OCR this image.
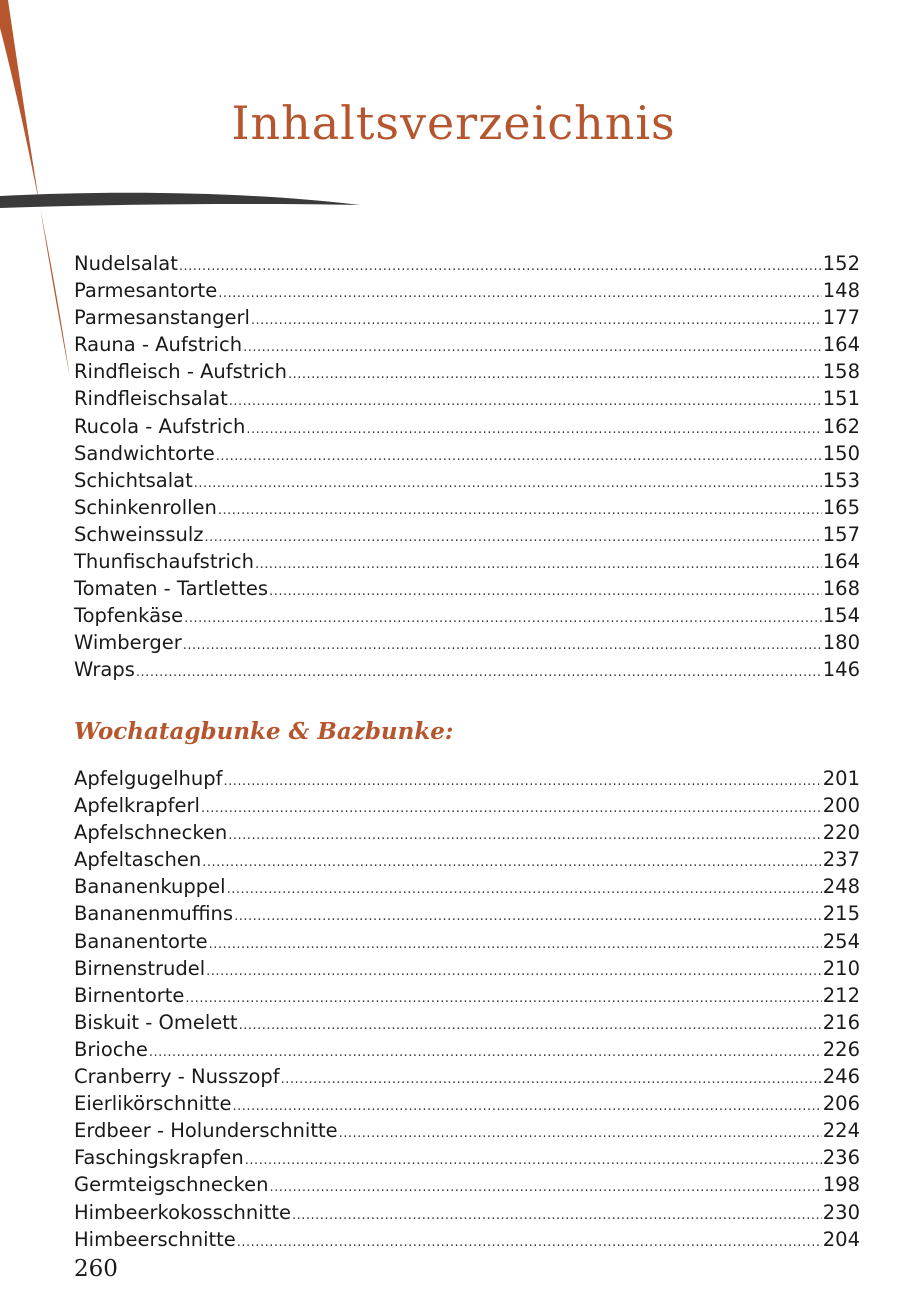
Inhaltsverzeichnis
Nudelsalat .....	152
Parmesantorte .....	148
Parmesanstangerl .....	177
Rauna - Aufstrich .....	164
Rindfleisch - Aufstrich .....	158
Rindfleischsalat .....	151
Rucola - Aufstrich .....	162
Sandwichtorte .....	150
Schichtsalat .....	153
Schinkenrollen .....	165
Schweinssulz .....	157
Thunfischaufstrich .....	164
Tomaten - Tartlettes .....	168
Topfenkäse .....	154
Wimberger .....	180
Wraps .....	146
Wochatagbunke & Bazbunke:
Apfelgugelhupf .....	201
Apfelkrapferl .....	200
Apfelschnecken .....	220
Apfeltaschen .....	237
Bananenkuppel .....	248
Bananenmuffins .....	215
Bananentorte .....	254
Birnenstrudel .....	210
Birnentorte .....	212
Biskuit - Omelett .....	216
Brioche .....	226
Cranberry - Nusszopf .....	246
Eierlikörschnitte .....	206
Erdbeer - Holunderschnitte .....	224
Faschingskrapfen .....	236
Germteigschnecken .....	198
Himbeerkokosschnitte .....	230
Himbeerschnitte .....	204
260
